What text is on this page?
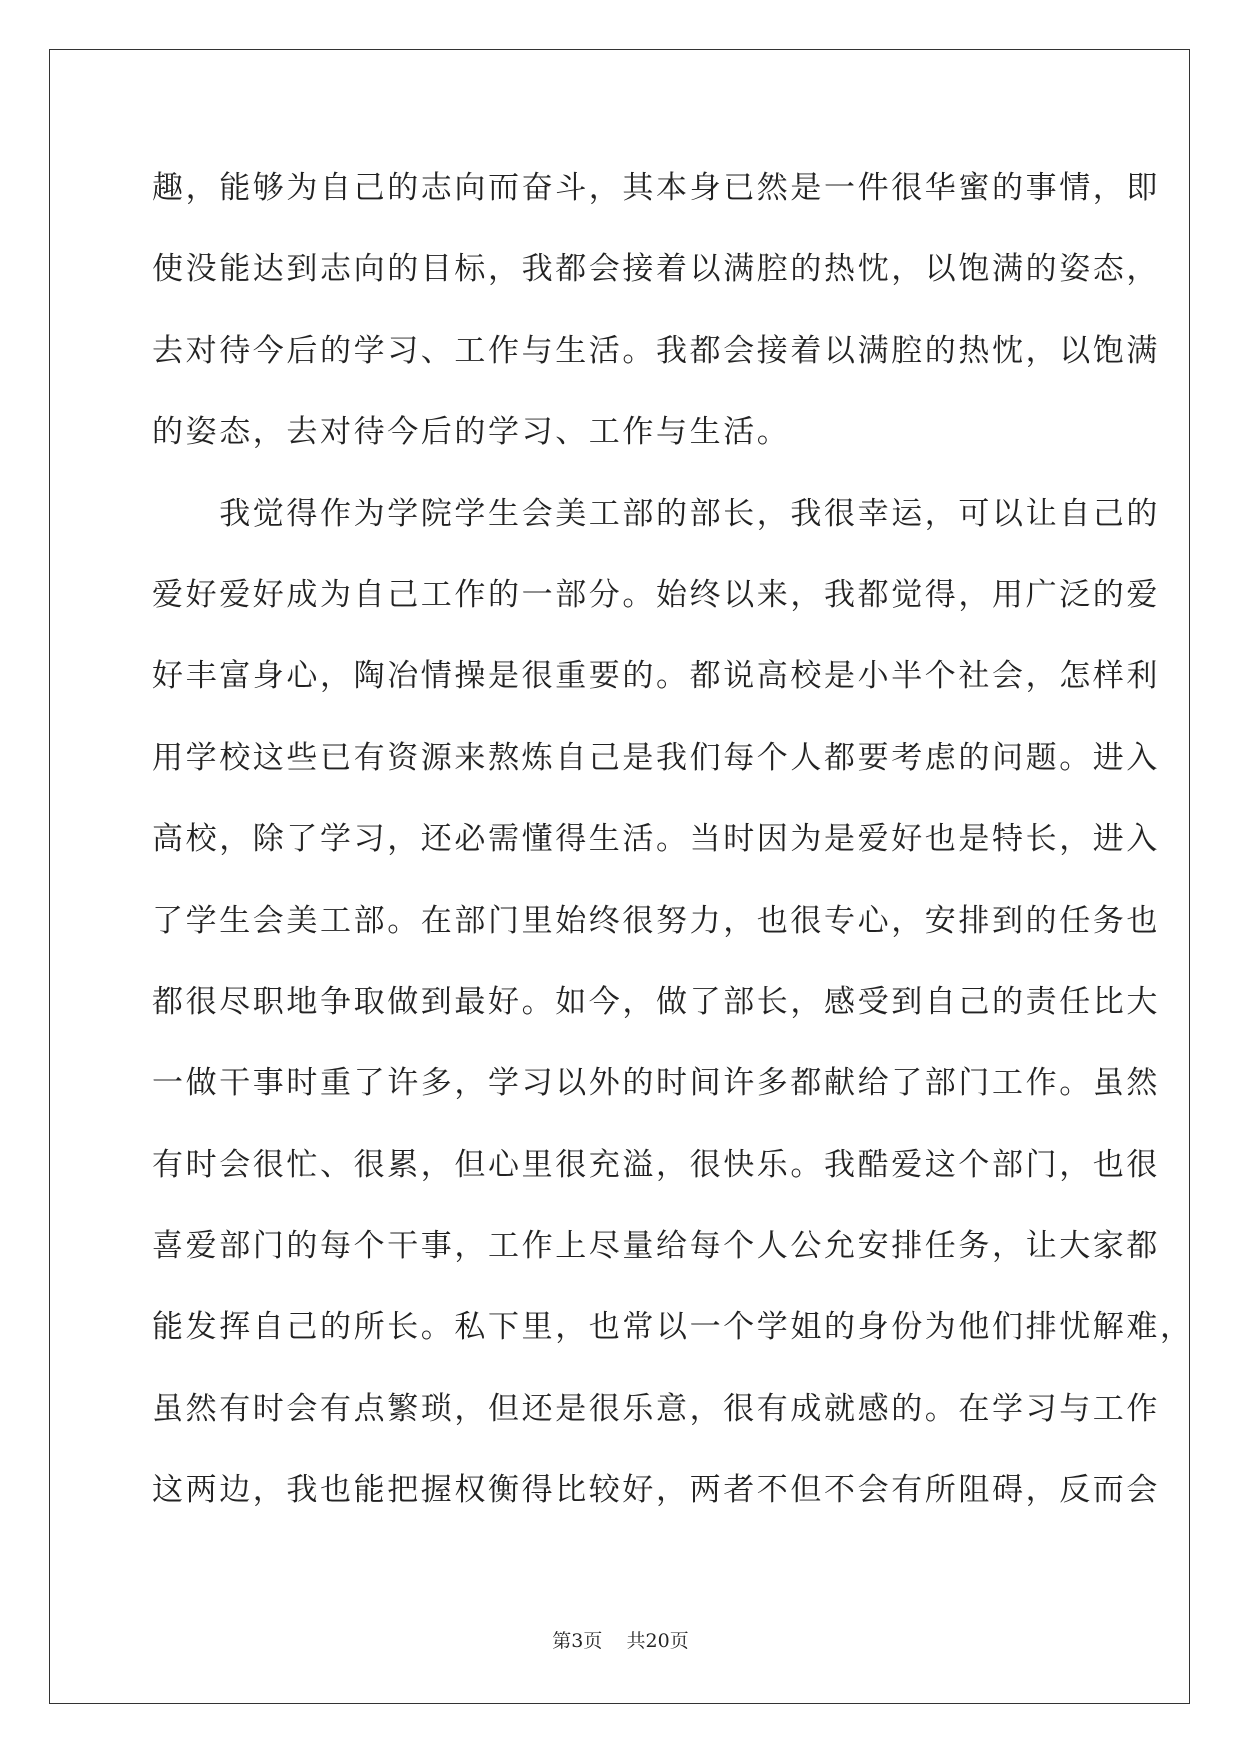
趣，能够为自己的志向而奋斗，其本身已然是一件很华蜜的事情，即
使没能达到志向的目标，我都会接着以满腔的热忱，以饱满的姿态，
去对待今后的学习、工作与生活。我都会接着以满腔的热忱，以饱满
的姿态，去对待今后的学习、工作与生活。
　　我觉得作为学院学生会美工部的部长，我很幸运，可以让自己的
爱好爱好成为自己工作的一部分。始终以来，我都觉得，用广泛的爱
好丰富身心，陶冶情操是很重要的。都说高校是小半个社会，怎样利
用学校这些已有资源来熬炼自己是我们每个人都要考虑的问题。进入
高校，除了学习，还必需懂得生活。当时因为是爱好也是特长，进入
了学生会美工部。在部门里始终很努力，也很专心，安排到的任务也
都很尽职地争取做到最好。如今，做了部长，感受到自己的责任比大
一做干事时重了许多，学习以外的时间许多都献给了部门工作。虽然
有时会很忙、很累，但心里很充溢，很快乐。我酷爱这个部门，也很
喜爱部门的每个干事，工作上尽量给每个人公允安排任务，让大家都
能发挥自己的所长。私下里，也常以一个学姐的身份为他们排忧解难，
虽然有时会有点繁琐，但还是很乐意，很有成就感的。在学习与工作
这两边，我也能把握权衡得比较好，两者不但不会有所阻碍，反而会
第3页 共20页
